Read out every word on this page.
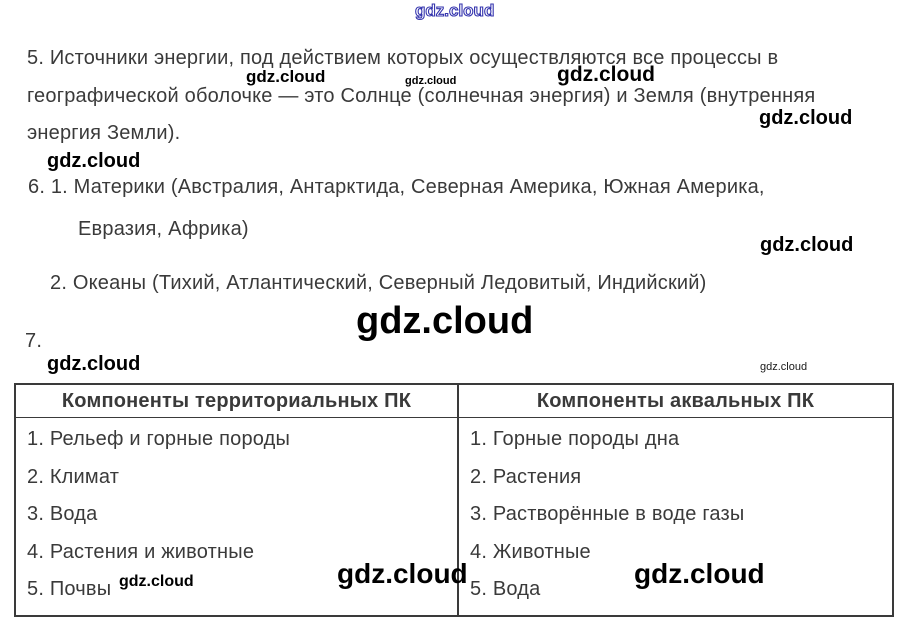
gdz.cloud
5. Источники энергии, под действием которых осуществляются все процессы в
gdz.cloud	gdz.cloud	gdz.cloud
географической оболочке — это Солнце (солнечная энергия) и Земля (внутренняя
gdz.cloud
энергия Земли).
gdz.cloud
6. 1. Материки (Австралия, Антарктида, Северная Америка, Южная Америка,
Евразия, Африка)
gdz.cloud
2. Океаны (Тихий, Атлантический, Северный Ледовитый, Индийский)
7.	gdz.cloud
gdz.cloud	gdz.cloud
Компоненты территориальных ПК	Компоненты аквальных ПК

1. Рельеф и горные породы
2. Климат
3. Вода
4. Растения и животные
5. Почвы

1. Горные породы дна
2. Растения
3. Растворённые в воде газы
4. Животные
5. Вода
gdz.cloud	gdz.cloud	gdz.cloud
